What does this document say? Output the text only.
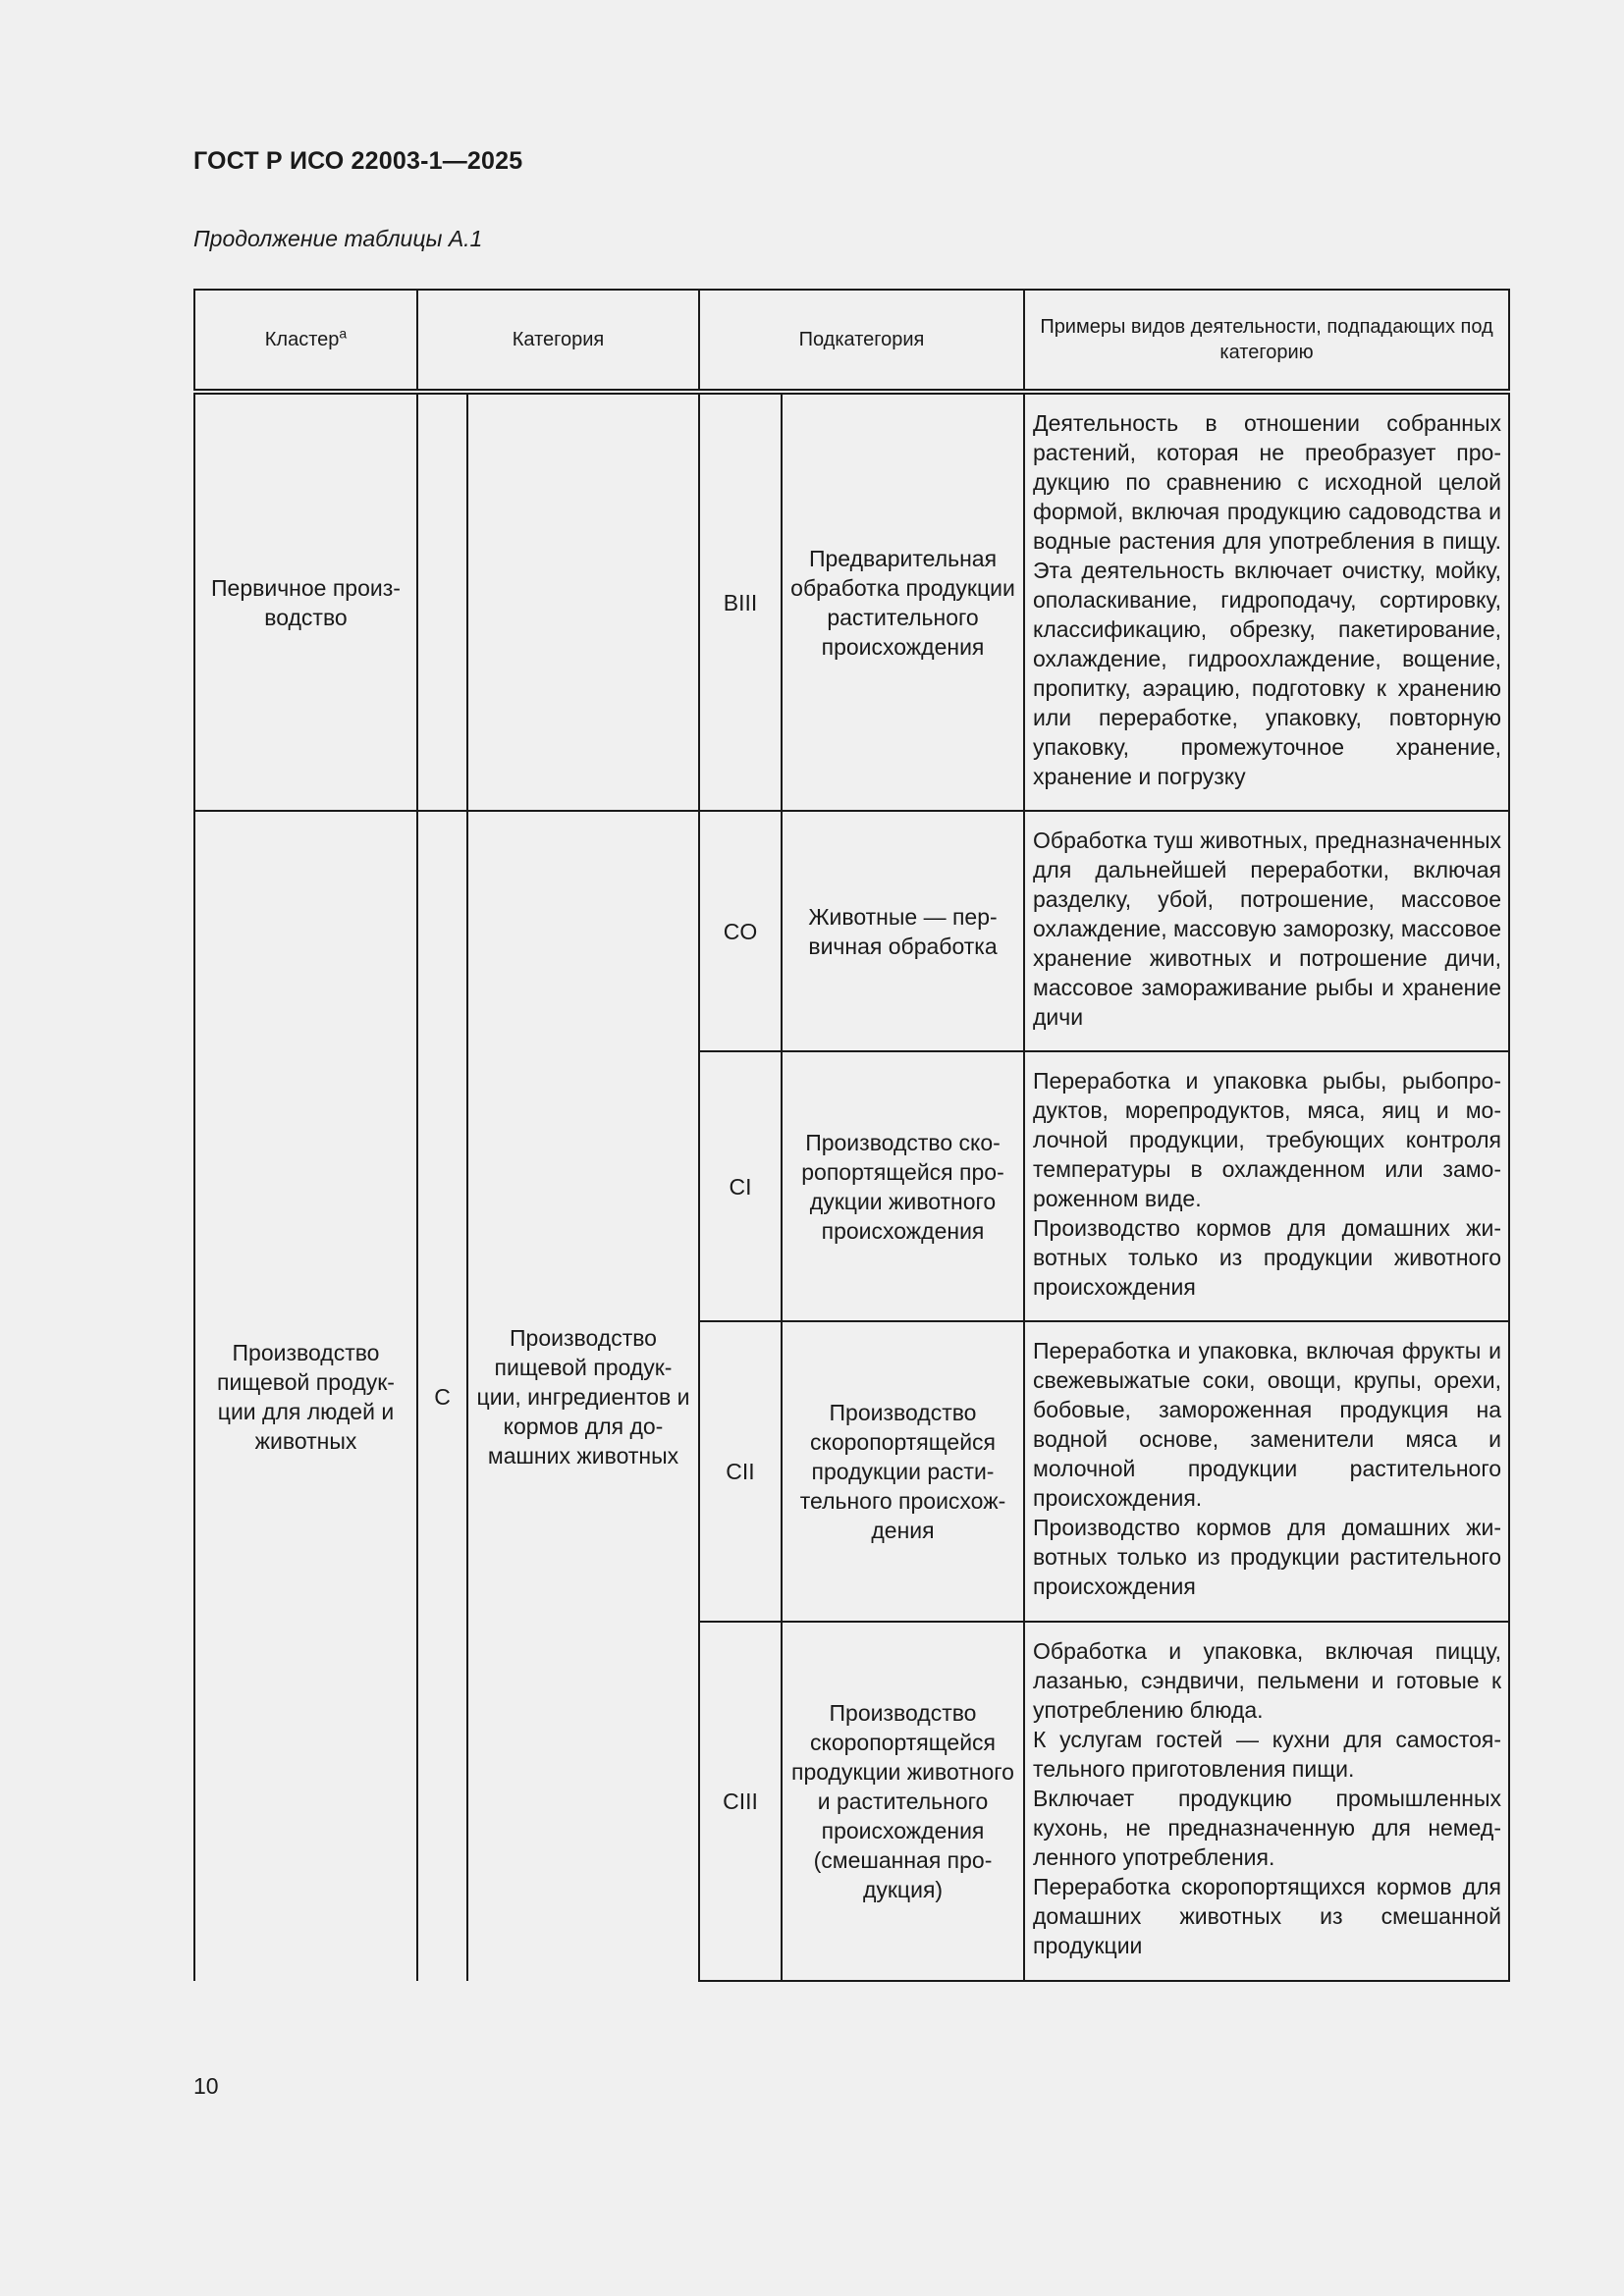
ГОСТ Р ИСО 22003-1—2025

Продолжение таблицы А.1

Кластер$^a$	Категория		Подкатегория		Примеры видов деятельности, подпадающих под категорию
Первичное производство			BIII	Предварительная обработка продукции растительного происхождения	Деятельность в отношении собранных растений, которая не преобразует продукцию по сравнению с исходной целой формой, включая продукцию садоводства и водные растения для употребления в пищу. Эта деятельность включает очистку, мойку, ополаскивание, гидроподачу, сортировку, классификацию, обрезку, пакетирование, охлаждение, гидроохлаждение, вощение, пропитку, аэрацию, подготовку к хранению или переработке, упаковку, повторную упаковку, промежуточное хранение, хранение и погрузку
Производство пищевой продукции для людей и животных	C	Производство пищевой продукции, ингредиентов и кормов для домашних животных	CO	Животные — первичная обработка	Обработка туш животных, предназначенных для дальнейшей переработки, включая разделку, убой, потрошение, массовое охлаждение, массовую заморозку, массовое хранение животных и потрошение дичи, массовое замораживание рыбы и хранение дичи
			CI	Производство скоропортящейся продукции животного происхождения	Переработка и упаковка рыбы, рыбопродуктов, морепродуктов, мяса, яиц и молочной продукции, требующих контроля температуры в охлажденном или замороженном виде.
Производство кормов для домашних животных только из продукции животного происхождения
			CII	Производство скоропортящейся продукции растительного происхождения	Переработка и упаковка, включая фрукты и свежевыжатые соки, овощи, крупы, орехи, бобовые, замороженная продукция на водной основе, заменители мяса и молочной продукции растительного происхождения.
Производство кормов для домашних животных только из продукции растительного происхождения
			CIII	Производство скоропортящейся продукции животного и растительного происхождения (смешанная продукция)	Обработка и упаковка, включая пиццу, лазанью, сэндвичи, пельмени и готовые к употреблению блюда.
К услугам гостей — кухни для самостоятельного приготовления пищи.
Включает продукцию промышленных кухонь, не предназначенную для немедленного употребления.
Переработка скоропортящихся кормов для домашних животных из смешанной продукции
10
